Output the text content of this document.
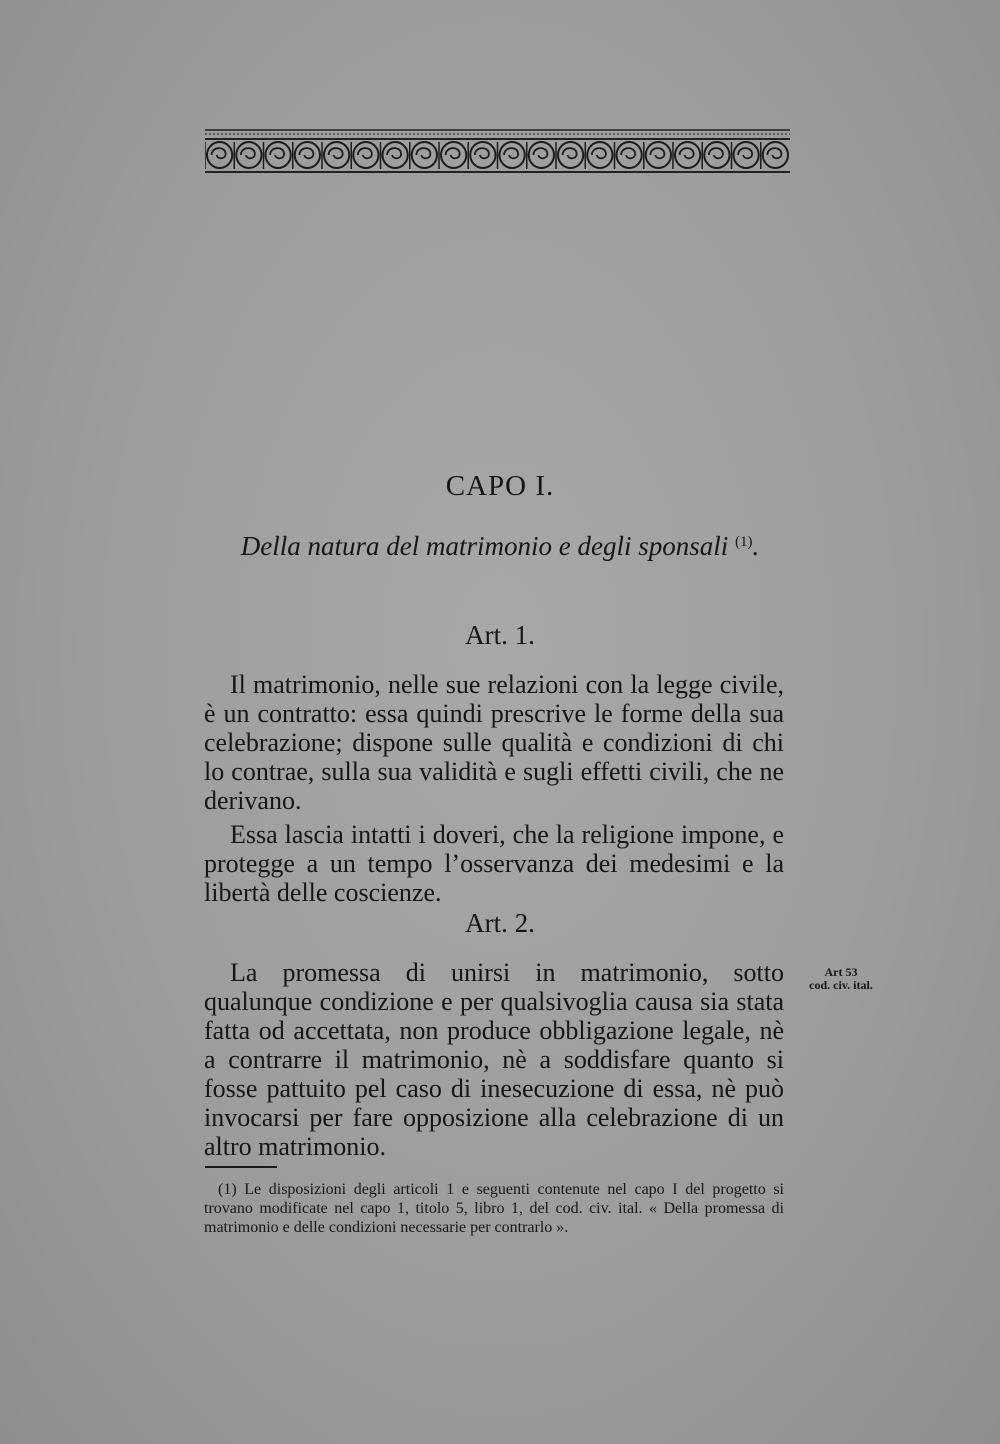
CAPO I.
Della natura del matrimonio e degli sponsali $^{(1)}$.
Art. 1.

Il matrimonio, nelle sue relazioni con la legge civile, è un contratto: essa quindi prescrive le forme della sua celebrazione; dispone sulle qualità e condizioni di chi lo contrae, sulla sua validità e sugli effetti civili, che ne derivano.

Essa lascia intatti i doveri, che la religione impone, e protegge a un tempo l’osservanza dei medesimi e la libertà delle coscienze.

Art. 2.

La promessa di unirsi in matrimonio, sotto qualunque condizione e per qualsivoglia causa sia stata fatta od accettata, non produce obbligazione legale, nè a contrarre il matrimonio, nè a soddisfare quanto si fosse pattuito pel caso di inesecuzione di essa, nè può invocarsi per fare opposizione alla celebrazione di un altro matrimonio.

Art 53
cod. civ. ital.

(1) Le disposizioni degli articoli 1 e seguenti contenute nel capo I del progetto si trovano modificate nel capo 1, titolo 5, libro 1, del cod. civ. ital. « Della promessa di matrimonio e delle condizioni necessarie per contrarlo ».
